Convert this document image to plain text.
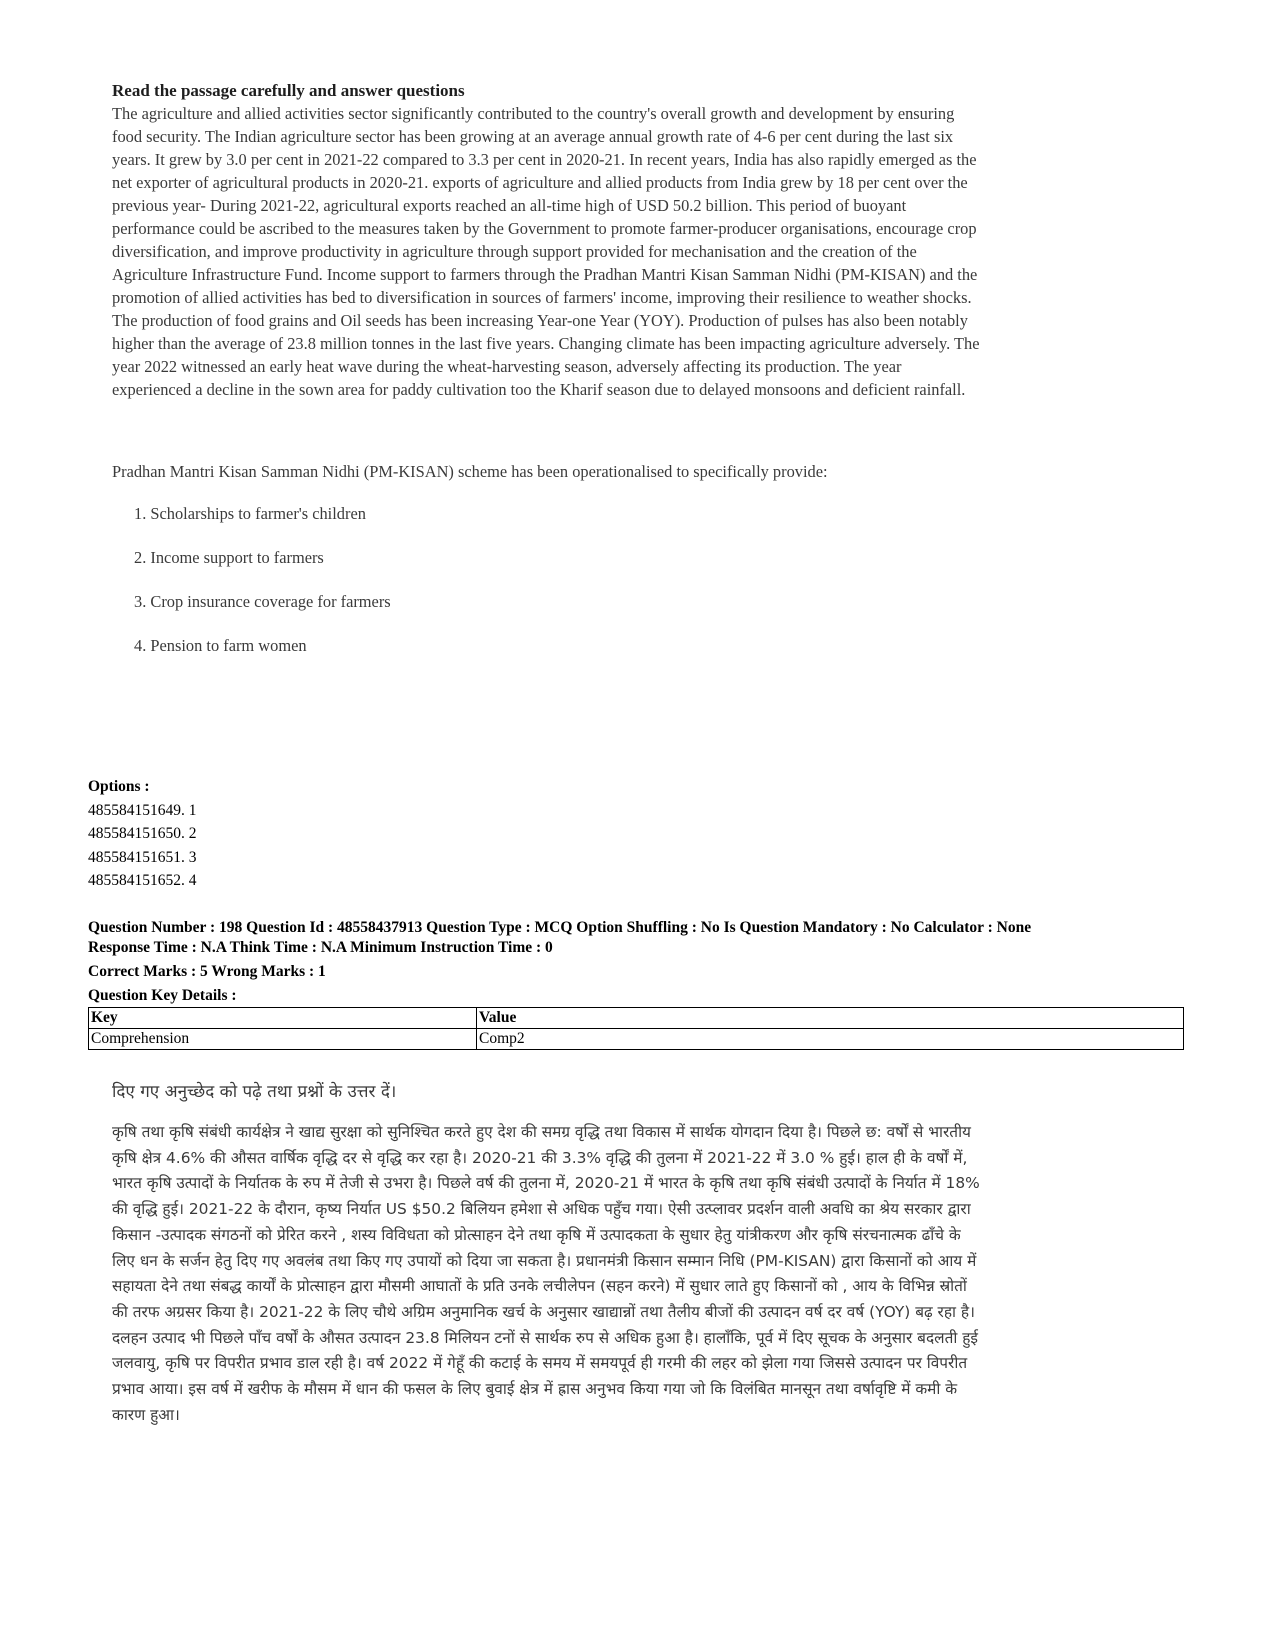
Read the passage carefully and answer questions

The agriculture and allied activities sector significantly contributed to the country's overall growth and development by ensuring food security. The Indian agriculture sector has been growing at an average annual growth rate of 4-6 per cent during the last six years. It grew by 3.0 per cent in 2021-22 compared to 3.3 per cent in 2020-21. In recent years, India has also rapidly emerged as the net exporter of agricultural products in 2020-21. exports of agriculture and allied products from India grew by 18 per cent over the previous year- During 2021-22, agricultural exports reached an all-time high of USD 50.2 billion. This period of buoyant performance could be ascribed to the measures taken by the Government to promote farmer-producer organisations, encourage crop diversification, and improve productivity in agriculture through support provided for mechanisation and the creation of the Agriculture Infrastructure Fund. Income support to farmers through the Pradhan Mantri Kisan Samman Nidhi (PM-KISAN) and the promotion of allied activities has bed to diversification in sources of farmers' income, improving their resilience to weather shocks. The production of food grains and Oil seeds has been increasing Year-one Year (YOY). Production of pulses has also been notably higher than the average of 23.8 million tonnes in the last five years. Changing climate has been impacting agriculture adversely. The year 2022 witnessed an early heat wave during the wheat-harvesting season, adversely affecting its production. The year experienced a decline in the sown area for paddy cultivation too the Kharif season due to delayed monsoons and deficient rainfall.

Pradhan Mantri Kisan Samman Nidhi (PM-KISAN) scheme has been operationalised to specifically provide:
1. Scholarships to farmer's children
2. Income support to farmers
3. Crop insurance coverage for farmers
4. Pension to farm women
Options :
485584151649. 1
485584151650. 2
485584151651. 3
485584151652. 4
Question Number : 198 Question Id : 48558437913 Question Type : MCQ Option Shuffling : No Is Question Mandatory : No Calculator : None
Response Time : N.A Think Time : N.A Minimum Instruction Time : 0
Correct Marks : 5 Wrong Marks : 1
Question Key Details :
Key	Value
Comprehension	Comp2
दिए गए अनुच्छेद को पढ़े तथा प्रश्नों के उत्तर दें।

कृषि तथा कृषि संबंधी कार्यक्षेत्र ने खाद्य सुरक्षा को सुनिश्चित करते हुए देश की समग्र वृद्धि तथा विकास में सार्थक योगदान दिया है। पिछले छ: वर्षों से भारतीय कृषि क्षेत्र 4.6% की औसत वार्षिक वृद्धि दर से वृद्धि कर रहा है। 2020-21 की 3.3% वृद्धि की तुलना में 2021-22 में 3.0 % हुई। हाल ही के वर्षों में, भारत कृषि उत्पादों के निर्यातक के रुप में तेजी से उभरा है। पिछले वर्ष की तुलना में, 2020-21 में भारत के कृषि तथा कृषि संबंधी उत्पादों के निर्यात में 18% की वृद्धि हुई। 2021-22 के दौरान, कृष्य निर्यात US $50.2 बिलियन हमेशा से अधिक पहुँच गया। ऐसी उत्प्लावर प्रदर्शन वाली अवधि का श्रेय सरकार द्वारा किसान -उत्पादक संगठनों को प्रेरित करने , शस्य विविधता को प्रोत्साहन देने तथा कृषि में उत्पादकता के सुधार हेतु यांत्रीकरण और कृषि संरचनात्मक ढाँचे के लिए धन के सर्जन हेतु दिए गए अवलंब तथा किए गए उपायों को दिया जा सकता है। प्रधानमंत्री किसान सम्मान निधि (PM-KISAN) द्वारा किसानों को आय में सहायता देने तथा संबद्ध कार्यों के प्रोत्साहन द्वारा मौसमी आघातों के प्रति उनके लचीलेपन (सहन करने) में सुधार लाते हुए किसानों को , आय के विभिन्न स्रोतों की तरफ अग्रसर किया है। 2021-22 के लिए चौथे अग्रिम अनुमानिक खर्च के अनुसार खाद्यान्नों तथा तैलीय बीजों की उत्पादन वर्ष दर वर्ष (YOY) बढ़ रहा है। दलहन उत्पाद भी पिछले पाँच वर्षों के औसत उत्पादन 23.8 मिलियन टनों से सार्थक रुप से अधिक हुआ है। हालाँकि, पूर्व में दिए सूचक के अनुसार बदलती हुई जलवायु, कृषि पर विपरीत प्रभाव डाल रही है। वर्ष 2022 में गेहूँ की कटाई के समय में समयपूर्व ही गरमी की लहर को झेला गया जिससे उत्पादन पर विपरीत प्रभाव आया। इस वर्ष में खरीफ के मौसम में धान की फसल के लिए बुवाई क्षेत्र में ह्रास अनुभव किया गया जो कि विलंबित मानसून तथा वर्षावृष्टि में कमी के कारण हुआ।
